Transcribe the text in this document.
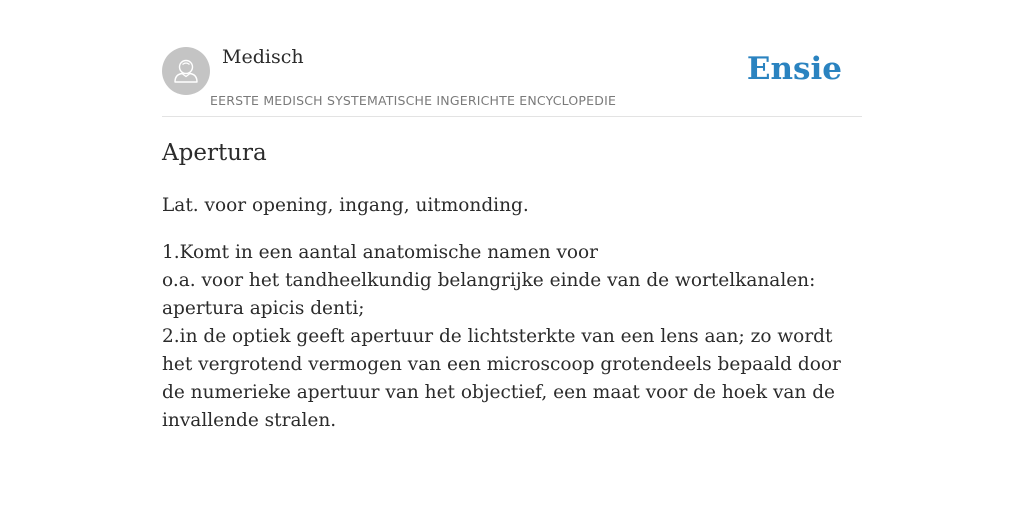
Medisch
EERSTE MEDISCH SYSTEMATISCHE INGERICHTE ENCYCLOPEDIE
Ensie
Apertura

Lat. voor opening, ingang, uitmonding.

1.Komt in een aantal anatomische namen voor

o.a. voor het tandheelkundig belangrijke einde van de wortelkanalen: apertura apicis denti;

2.in de optiek geeft apertuur de lichtsterkte van een lens aan; zo wordt het vergrotend vermogen van een microscoop grotendeels bepaald door de numerieke apertuur van het objectief, een maat voor de hoek van de invallende stralen.
